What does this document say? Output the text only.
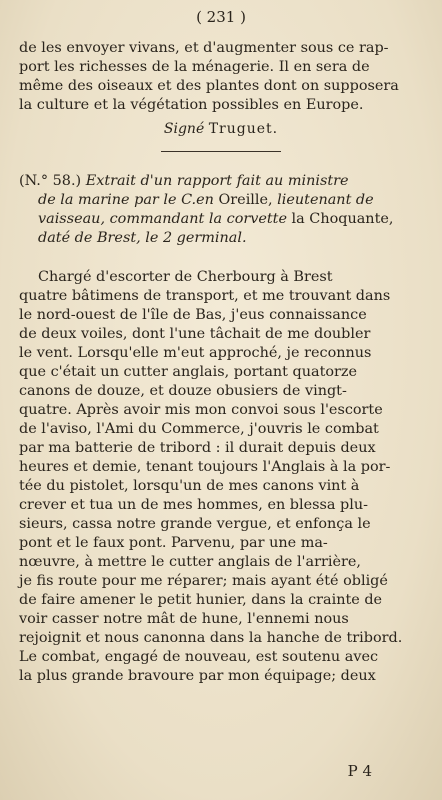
( 231 )
de les envoyer vivans, et d'augmenter sous ce rap-
port les richesses de la ménagerie. Il en sera de
même des oiseaux et des plantes dont on supposera
la culture et la végétation possibles en Europe.
Signé Truguet.
(N.° 58.) Extrait d'un rapport fait au ministre
de la marine par le C.en Oreille, lieutenant de
vaisseau, commandant la corvette la Choquante,
daté de Brest, le 2 germinal.
Chargé d'escorter de Cherbourg à Brest
quatre bâtimens de transport, et me trouvant dans
le nord-ouest de l'île de Bas, j'eus connaissance
de deux voiles, dont l'une tâchait de me doubler
le vent. Lorsqu'elle m'eut approché, je reconnus
que c'était un cutter anglais, portant quatorze
canons de douze, et douze obusiers de vingt-
quatre. Après avoir mis mon convoi sous l'escorte
de l'aviso, l'Ami du Commerce, j'ouvris le combat
par ma batterie de tribord : il durait depuis deux
heures et demie, tenant toujours l'Anglais à la por-
tée du pistolet, lorsqu'un de mes canons vint à
crever et tua un de mes hommes, en blessa plu-
sieurs, cassa notre grande vergue, et enfonça le
pont et le faux pont. Parvenu, par une ma-
nœuvre, à mettre le cutter anglais de l'arrière,
je fis route pour me réparer; mais ayant été obligé
de faire amener le petit hunier, dans la crainte de
voir casser notre mât de hune, l'ennemi nous
rejoignit et nous canonna dans la hanche de tribord.
Le combat, engagé de nouveau, est soutenu avec
la plus grande bravoure par mon équipage; deux
P 4
